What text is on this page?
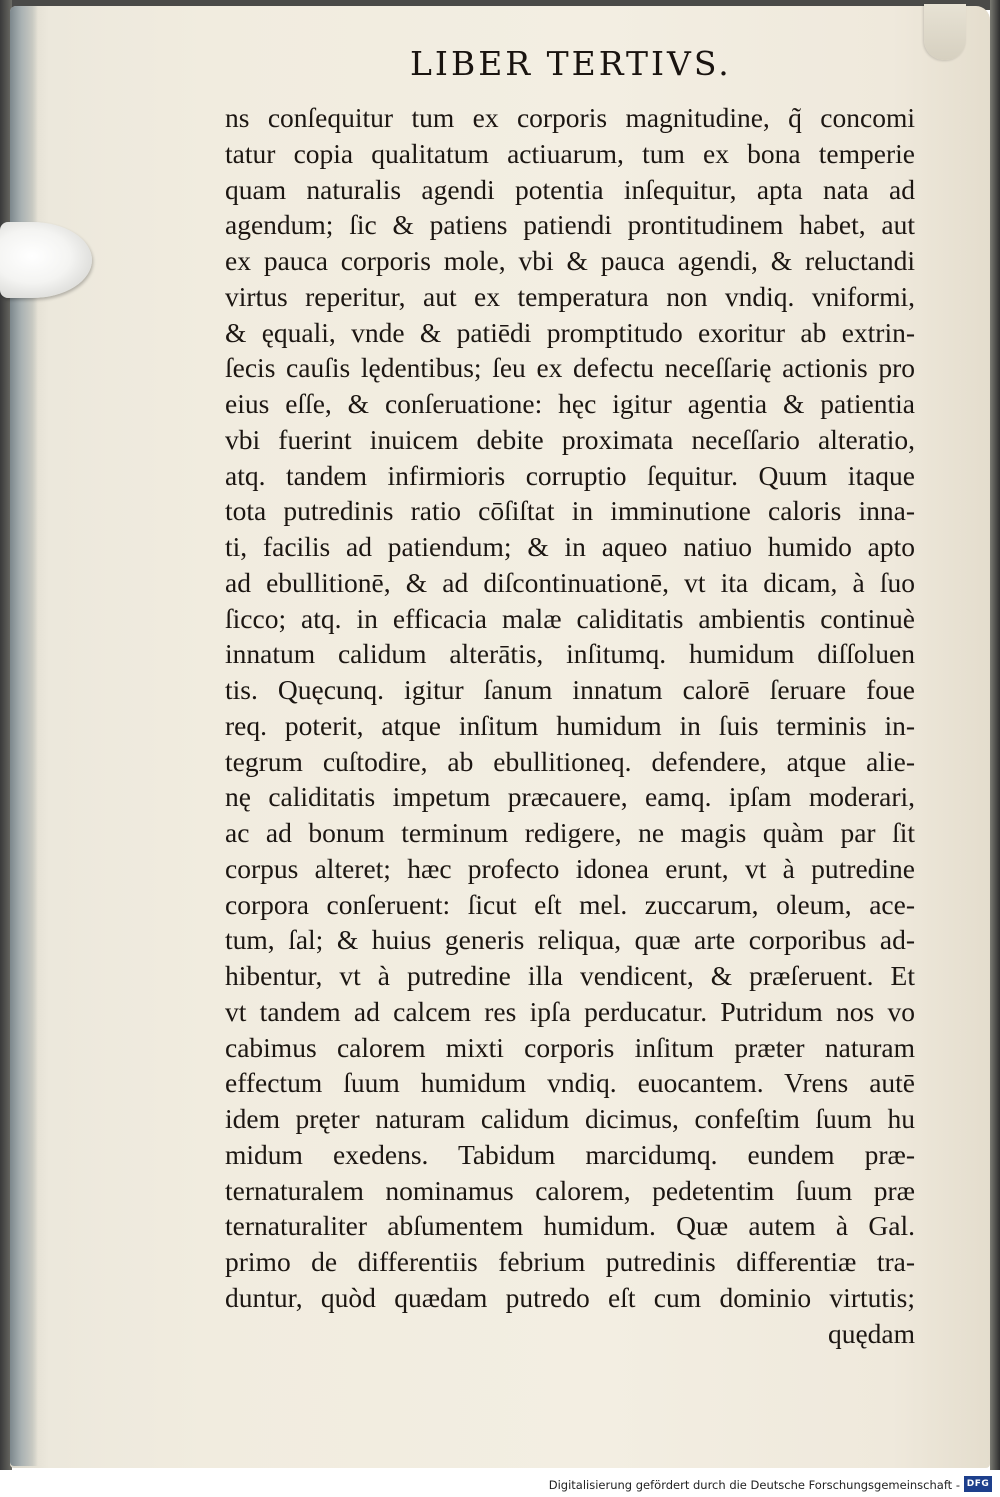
LIBER TERTIVS.
ns conſequitur tum ex corporis magnitudine, q̃ concomi
tatur copia qualitatum actiuarum, tum ex bona temperie
quam naturalis agendi potentia inſequitur, apta nata ad
agendum; ſic & patiens patiendi prontitudinem habet, aut
ex pauca corporis mole, vbi & pauca agendi, & reluctandi
virtus reperitur, aut ex temperatura non vndiq. vniformi,
& ęquali, vnde & patiēdi promptitudo exoritur ab extrin-
ſecis cauſis lędentibus; ſeu ex defectu neceſſarię actionis pro
eius eſſe, & conſeruatione: hęc igitur agentia & patientia
vbi fuerint inuicem debite proximata neceſſario alteratio,
atq. tandem infirmioris corruptio ſequitur. Quum itaque
tota putredinis ratio cōſiſtat in imminutione caloris inna-
ti, facilis ad patiendum; & in aqueo natiuo humido apto
ad ebullitionē, & ad diſcontinuationē, vt ita dicam, à ſuo
ſicco; atq. in efficacia malæ caliditatis ambientis continuè
innatum calidum alterātis, inſitumq. humidum diſſoluen
tis. Quęcunq. igitur ſanum innatum calorē ſeruare foue
req. poterit, atque inſitum humidum in ſuis terminis in-
tegrum cuſtodire, ab ebullitioneq. defendere, atque alie-
nę caliditatis impetum præcauere, eamq. ipſam moderari,
ac ad bonum terminum redigere, ne magis quàm par ſit
corpus alteret; hæc profecto idonea erunt, vt à putredine
corpora conſeruent: ſicut eſt mel. zuccarum, oleum, ace-
tum, ſal; & huius generis reliqua, quæ arte corporibus ad-
hibentur, vt à putredine illa vendicent, & præſeruent. Et
vt tandem ad calcem res ipſa perducatur. Putridum nos vo
cabimus calorem mixti corporis inſitum præter naturam
effectum ſuum humidum vndiq. euocantem. Vrens autē
idem pręter naturam calidum dicimus, confeſtim ſuum hu
midum exedens. Tabidum marcidumq. eundem præ-
ternaturalem nominamus calorem, pedetentim ſuum præ
ternaturaliter abſumentem humidum. Quæ autem à Gal.
primo de differentiis febrium putredinis differentiæ tra-
duntur, quòd quædam putredo eſt cum dominio virtutis;
quędam
Digitalisierung gefördert durch die Deutsche Forschungsgemeinschaft - DFG
